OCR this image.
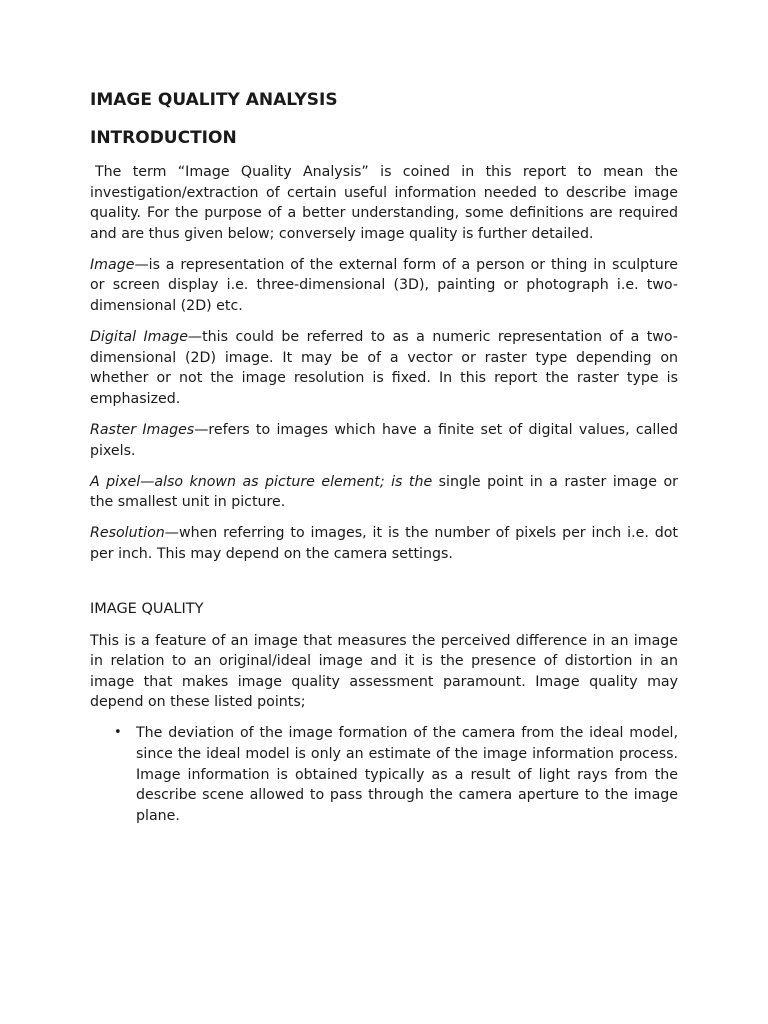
IMAGE QUALITY ANALYSIS
INTRODUCTION

The term “Image Quality Analysis” is coined in this report to mean the investigation/extraction of certain useful information needed to describe image quality. For the purpose of a better understanding, some definitions are required and are thus given below; conversely image quality is further detailed.

Image—is a representation of the external form of a person or thing in sculpture or screen display i.e. three-dimensional (3D), painting or photograph i.e. two-dimensional (2D) etc.

Digital Image—this could be referred to as a numeric representation of a two-dimensional (2D) image. It may be of a vector or raster type depending on whether or not the image resolution is fixed. In this report the raster type is emphasized.

Raster Images—refers to images which have a finite set of digital values, called pixels.

A pixel—also known as picture element; is the single point in a raster image or the smallest unit in picture.

Resolution—when referring to images, it is the number of pixels per inch i.e. dot per inch. This may depend on the camera settings.

IMAGE QUALITY

This is a feature of an image that measures the perceived difference in an image in relation to an original/ideal image and it is the presence of distortion in an image that makes image quality assessment paramount. Image quality may depend on these listed points;

• The deviation of the image formation of the camera from the ideal model, since the ideal model is only an estimate of the image information process. Image information is obtained typically as a result of light rays from the describe scene allowed to pass through the camera aperture to the image plane.
